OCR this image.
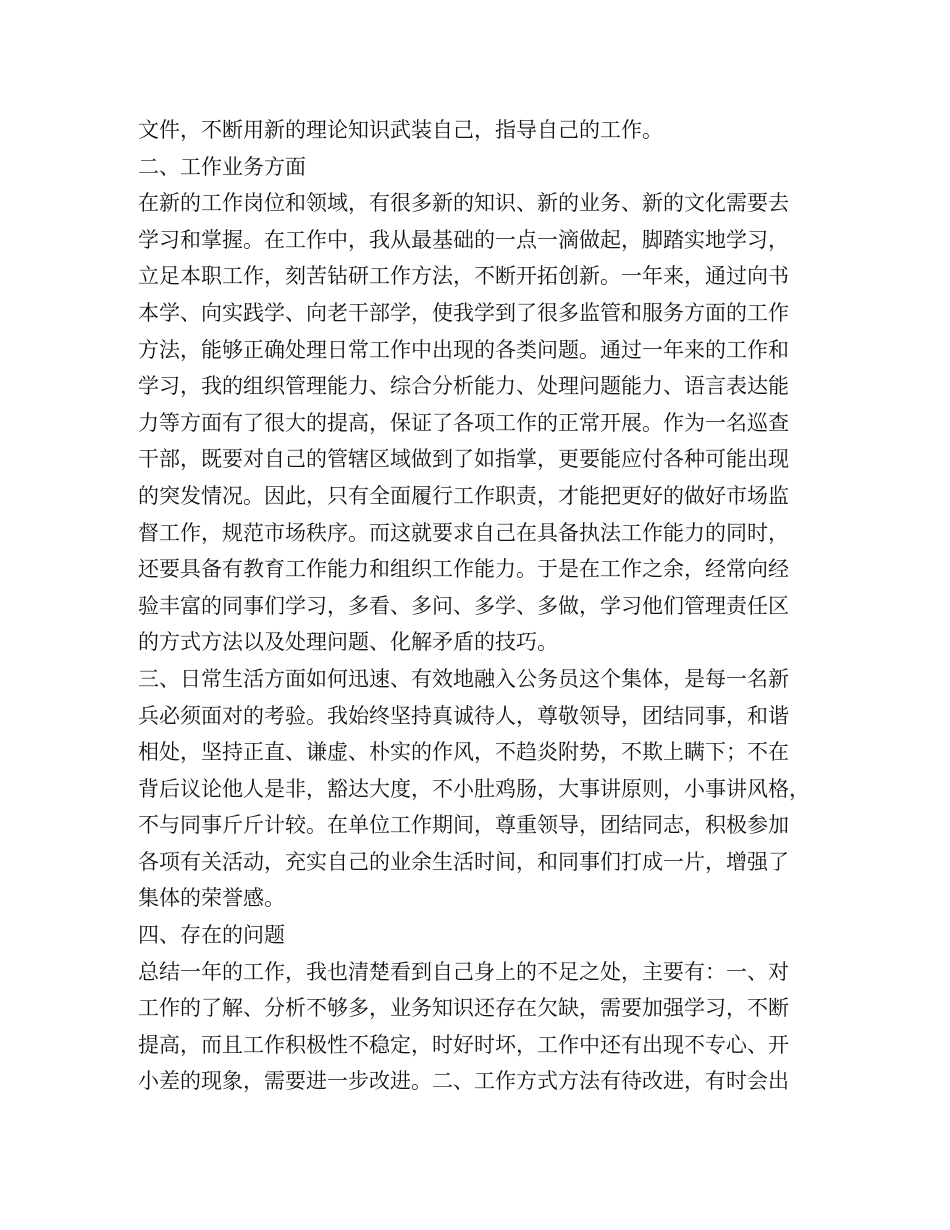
文件，不断用新的理论知识武装自己，指导自己的工作。
二、工作业务方面
在新的工作岗位和领域，有很多新的知识、新的业务、新的文化需要去
学习和掌握。在工作中，我从最基础的一点一滴做起，脚踏实地学习，
立足本职工作，刻苦钻研工作方法，不断开拓创新。一年来，通过向书
本学、向实践学、向老干部学，使我学到了很多监管和服务方面的工作
方法，能够正确处理日常工作中出现的各类问题。通过一年来的工作和
学习，我的组织管理能力、综合分析能力、处理问题能力、语言表达能
力等方面有了很大的提高，保证了各项工作的正常开展。作为一名巡查
干部，既要对自己的管辖区域做到了如指掌，更要能应付各种可能出现
的突发情况。因此，只有全面履行工作职责，才能把更好的做好市场监
督工作，规范市场秩序。而这就要求自己在具备执法工作能力的同时，
还要具备有教育工作能力和组织工作能力。于是在工作之余，经常向经
验丰富的同事们学习，多看、多问、多学、多做，学习他们管理责任区
的方式方法以及处理问题、化解矛盾的技巧。
三、日常生活方面如何迅速、有效地融入公务员这个集体，是每一名新
兵必须面对的考验。我始终坚持真诚待人，尊敬领导，团结同事，和谐
相处，坚持正直、谦虚、朴实的作风，不趋炎附势，不欺上瞒下；不在
背后议论他人是非，豁达大度，不小肚鸡肠，大事讲原则，小事讲风格，
不与同事斤斤计较。在单位工作期间，尊重领导，团结同志，积极参加
各项有关活动，充实自己的业余生活时间，和同事们打成一片，增强了
集体的荣誉感。
四、存在的问题
总结一年的工作，我也清楚看到自己身上的不足之处，主要有：一、对
工作的了解、分析不够多，业务知识还存在欠缺，需要加强学习，不断
提高，而且工作积极性不稳定，时好时坏，工作中还有出现不专心、开
小差的现象，需要进一步改进。二、工作方式方法有待改进，有时会出
